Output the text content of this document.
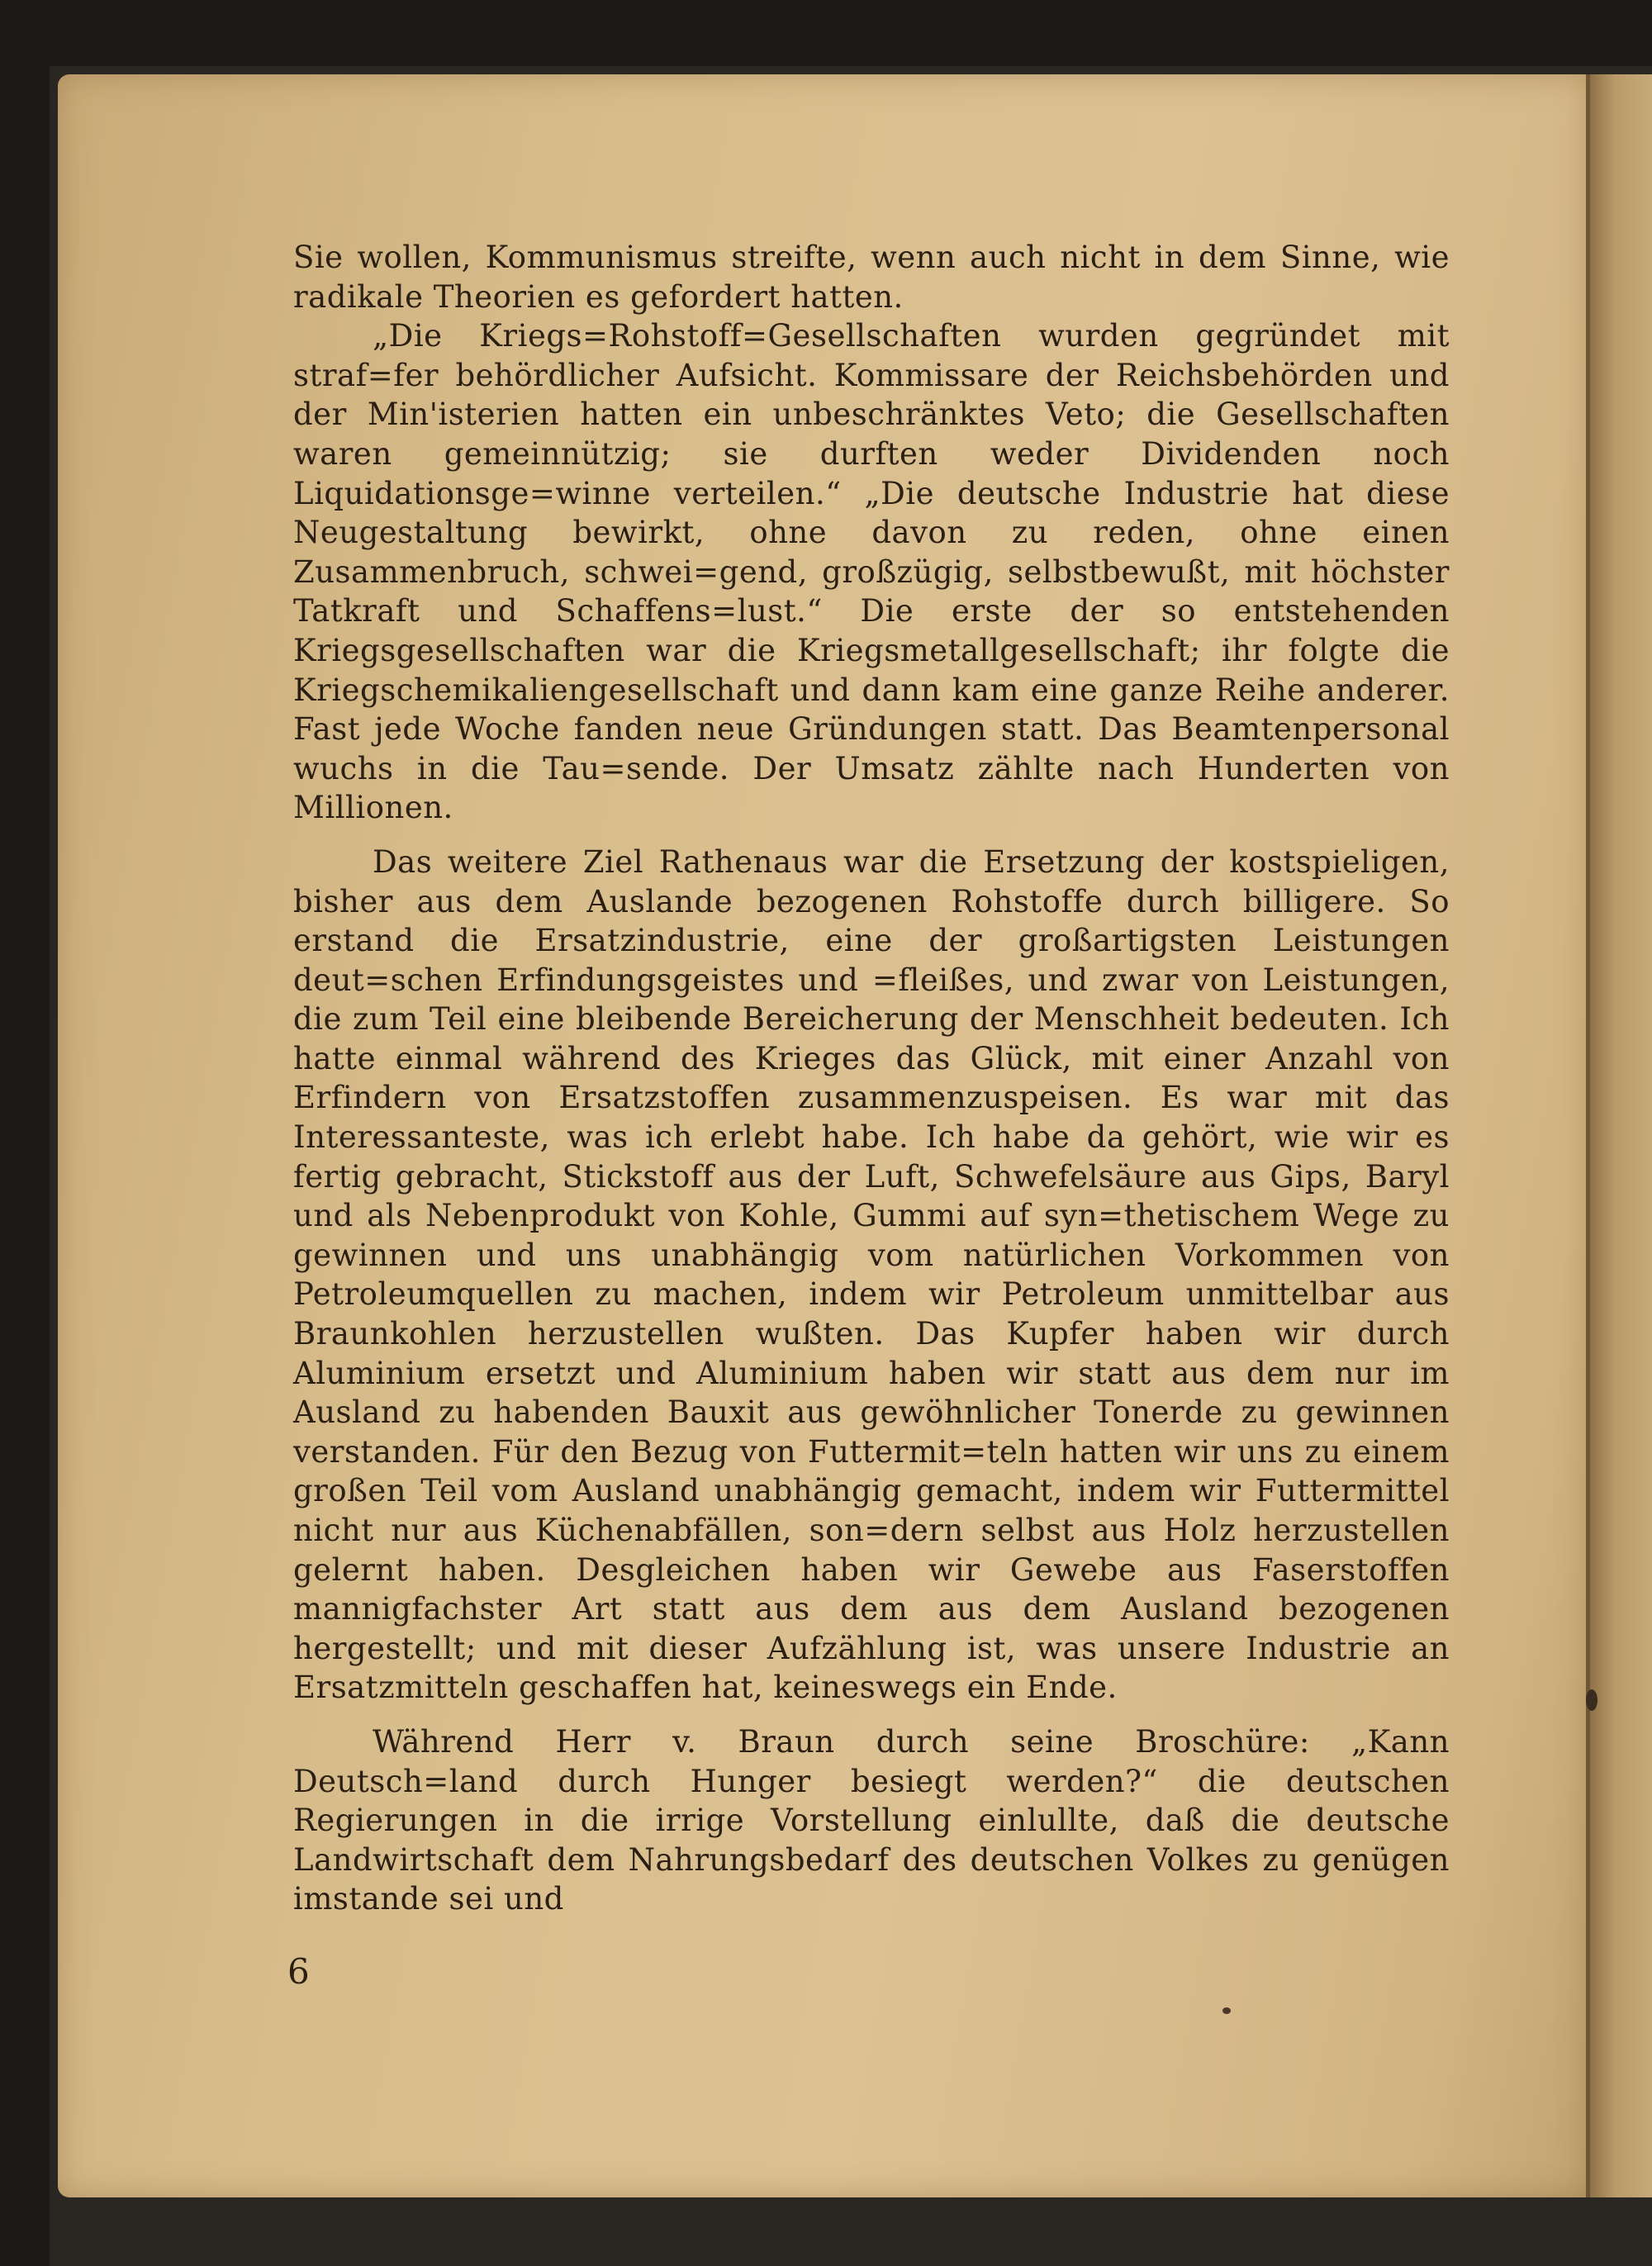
Sie wollen, Kommunismus streifte, wenn auch nicht in dem Sinne, wie radikale Theorien es gefordert hatten.

„Die Kriegs=Rohstoff=Gesellschaften wurden gegründet mit straf=fer behördlicher Aufsicht. Kommissare der Reichsbehörden und der Min'isterien hatten ein unbeschränktes Veto; die Gesellschaften waren gemeinnützig; sie durften weder Dividenden noch Liquidationsge=winne verteilen.“ „Die deutsche Industrie hat diese Neugestaltung bewirkt, ohne davon zu reden, ohne einen Zusammenbruch, schwei=gend, großzügig, selbstbewußt, mit höchster Tatkraft und Schaffens=lust.“ Die erste der so entstehenden Kriegsgesellschaften war die Kriegsmetallgesellschaft; ihr folgte die Kriegschemikaliengesellschaft und dann kam eine ganze Reihe anderer. Fast jede Woche fanden neue Gründungen statt. Das Beamtenpersonal wuchs in die Tau=sende. Der Umsatz zählte nach Hunderten von Millionen.

Das weitere Ziel Rathenaus war die Ersetzung der kostspieligen, bisher aus dem Auslande bezogenen Rohstoffe durch billigere. So erstand die Ersatzindustrie, eine der großartigsten Leistungen deut=schen Erfindungsgeistes und =fleißes, und zwar von Leistungen, die zum Teil eine bleibende Bereicherung der Menschheit bedeuten. Ich hatte einmal während des Krieges das Glück, mit einer Anzahl von Erfindern von Ersatzstoffen zusammenzuspeisen. Es war mit das Interessanteste, was ich erlebt habe. Ich habe da gehört, wie wir es fertig gebracht, Stickstoff aus der Luft, Schwefelsäure aus Gips, Baryl und als Nebenprodukt von Kohle, Gummi auf syn=thetischem Wege zu gewinnen und uns unabhängig vom natürlichen Vorkommen von Petroleumquellen zu machen, indem wir Petroleum unmittelbar aus Braunkohlen herzustellen wußten. Das Kupfer haben wir durch Aluminium ersetzt und Aluminium haben wir statt aus dem nur im Ausland zu habenden Bauxit aus gewöhnlicher Tonerde zu gewinnen verstanden. Für den Bezug von Futtermit=teln hatten wir uns zu einem großen Teil vom Ausland unabhängig gemacht, indem wir Futtermittel nicht nur aus Küchenabfällen, son=dern selbst aus Holz herzustellen gelernt haben. Desgleichen haben wir Gewebe aus Faserstoffen mannigfachster Art statt aus dem aus dem Ausland bezogenen hergestellt; und mit dieser Aufzählung ist, was unsere Industrie an Ersatzmitteln geschaffen hat, keineswegs ein Ende.

Während Herr v. Braun durch seine Broschüre: „Kann Deutsch=land durch Hunger besiegt werden?“ die deutschen Regierungen in die irrige Vorstellung einlullte, daß die deutsche Landwirtschaft dem Nahrungsbedarf des deutschen Volkes zu genügen imstande sei und

6
